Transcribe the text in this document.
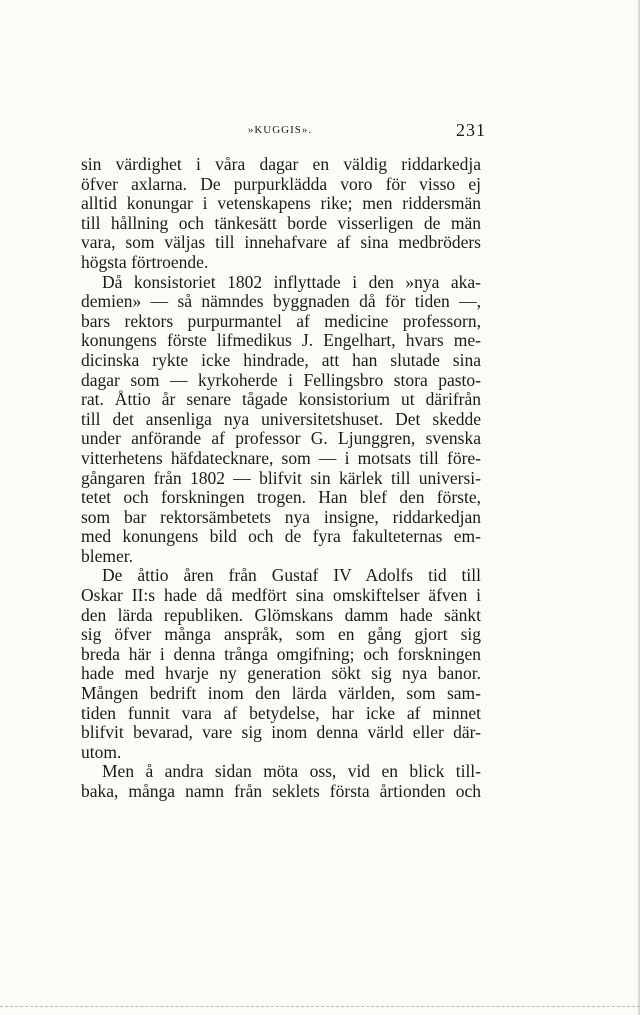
»KUGGIS».	231
sin värdighet i våra dagar en väldig riddarkedja
öfver axlarna. De purpurklädda voro för visso ej
alltid konungar i vetenskapens rike; men riddersmän
till hållning och tänkesätt borde visserligen de män
vara, som väljas till innehafvare af sina medbröders
högsta förtroende.
Då konsistoriet 1802 inflyttade i den »nya aka-
demien» — så nämndes byggnaden då för tiden —,
bars rektors purpurmantel af medicine professorn,
konungens förste lifmedikus J. Engelhart, hvars me-
dicinska rykte icke hindrade, att han slutade sina
dagar som — kyrkoherde i Fellingsbro stora pasto-
rat. Åttio år senare tågade konsistorium ut därifrån
till det ansenliga nya universitetshuset. Det skedde
under anförande af professor G. Ljunggren, svenska
vitterhetens häfdatecknare, som — i motsats till före-
gångaren från 1802 — blifvit sin kärlek till universi-
tetet och forskningen trogen. Han blef den förste,
som bar rektorsämbetets nya insigne, riddarkedjan
med konungens bild och de fyra fakulteternas em-
blemer.
De åttio åren från Gustaf IV Adolfs tid till
Oskar II:s hade då medfört sina omskiftelser äfven i
den lärda republiken. Glömskans damm hade sänkt
sig öfver många anspråk, som en gång gjort sig
breda här i denna trånga omgifning; och forskningen
hade med hvarje ny generation sökt sig nya banor.
Mången bedrift inom den lärda världen, som sam-
tiden funnit vara af betydelse, har icke af minnet
blifvit bevarad, vare sig inom denna värld eller där-
utom.
Men å andra sidan möta oss, vid en blick till-
baka, många namn från seklets första årtionden och
